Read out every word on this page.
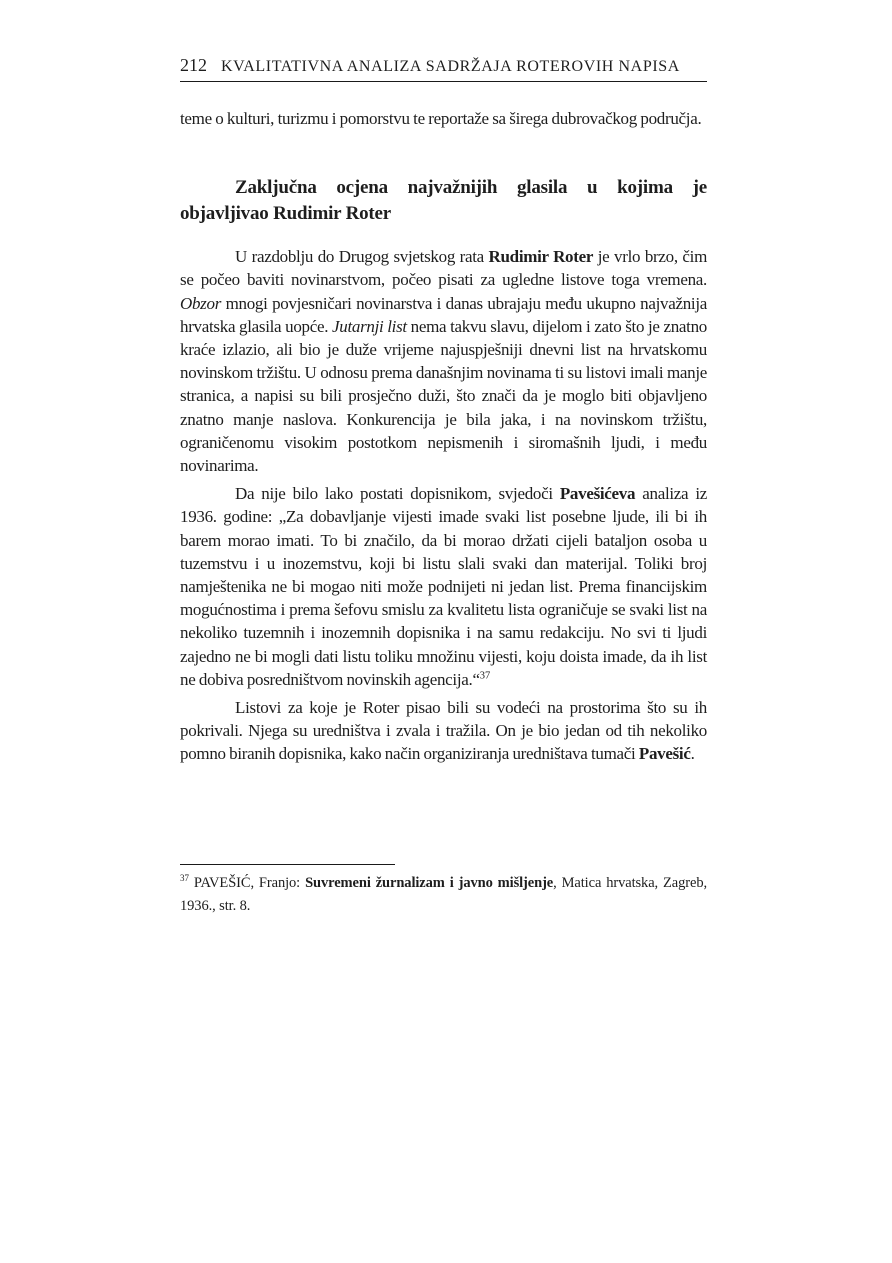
212 KVALITATIVNA ANALIZA SADRŽAJA ROTEROVIH NAPISA

teme o kulturi, turizmu i pomorstvu te reportaže sa širega dubrovačkog područja.

Zaključna ocjena najvažnijih glasila u kojima je objavljivao Rudimir Roter

U razdoblju do Drugog svjetskog rata Rudimir Roter je vrlo brzo, čim se počeo baviti novinarstvom, počeo pisati za ugledne listove toga vremena. Obzor mnogi povjesničari novinarstva i danas ubrajaju među ukupno najvažnija hrvatska glasila uopće. Jutarnji list nema takvu slavu, dijelom i zato što je znatno kraće izlazio, ali bio je duže vrijeme najuspješniji dnevni list na hrvatskomu novinskom tržištu. U odnosu prema današnjim novinama ti su listovi imali manje stranica, a napisi su bili prosječno duži, što znači da je moglo biti objavljeno znatno manje naslova. Konkurencija je bila jaka, i na novinskom tržištu, ograničenomu visokim postotkom nepismenih i siromašnih ljudi, i među novinarima.

Da nije bilo lako postati dopisnikom, svjedoči Pavešićeva analiza iz 1936. godine: „Za dobavljanje vijesti imade svaki list posebne ljude, ili bi ih barem morao imati. To bi značilo, da bi morao držati cijeli bataljon osoba u tuzemstvu i u inozemstvu, koji bi listu slali svaki dan materijal. Toliki broj namještenika ne bi mogao niti može podnijeti ni jedan list. Prema financijskim mogućnostima i prema šefovu smislu za kvalitetu lista ograničuje se svaki list na nekoliko tuzemnih i inozemnih dopisnika i na samu redakciju. No svi ti ljudi zajedno ne bi mogli dati listu toliku množinu vijesti, koju doista imade, da ih list ne dobiva posredništvom novinskih agencija.“$^{37}$

Listovi za koje je Roter pisao bili su vodeći na prostorima što su ih pokrivali. Njega su uredništva i zvala i tražila. On je bio jedan od tih nekoliko pomno biranih dopisnika, kako način organiziranja uredništava tumači Pavešić.

$^{37}$ PAVEŠIĆ, Franjo: Suvremeni žurnalizam i javno mišljenje, Matica hrvatska, Zagreb, 1936., str. 8.
